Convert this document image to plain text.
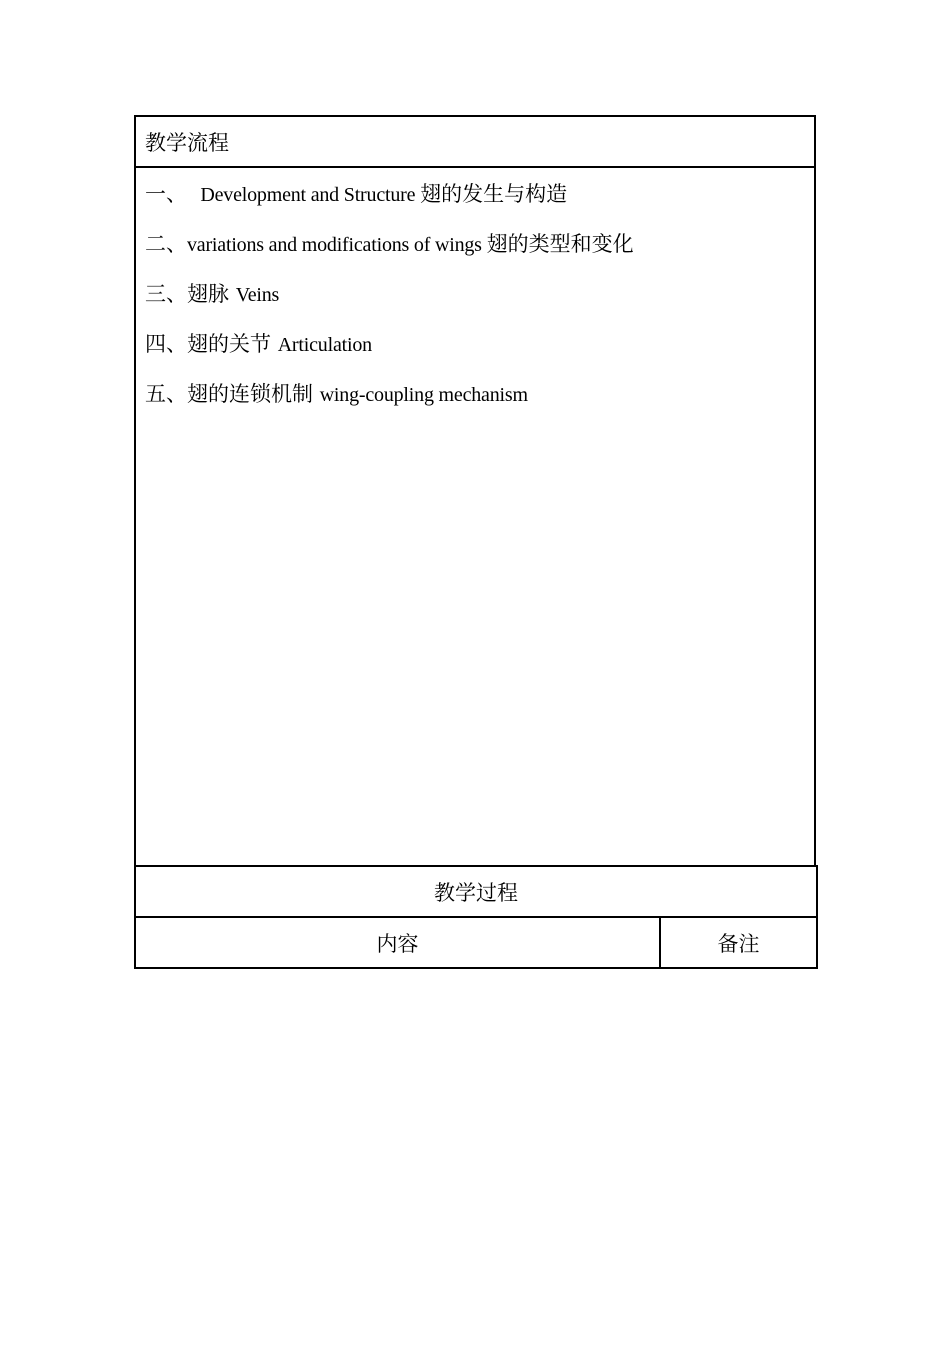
教学流程
一、  Development and Structure 翅的发生与构造
二、variations and modifications of wings 翅的类型和变化
三、翅脉 Veins
四、翅的关节 Articulation
五、翅的连锁机制 wing-coupling mechanism
教学过程
内容	备注
